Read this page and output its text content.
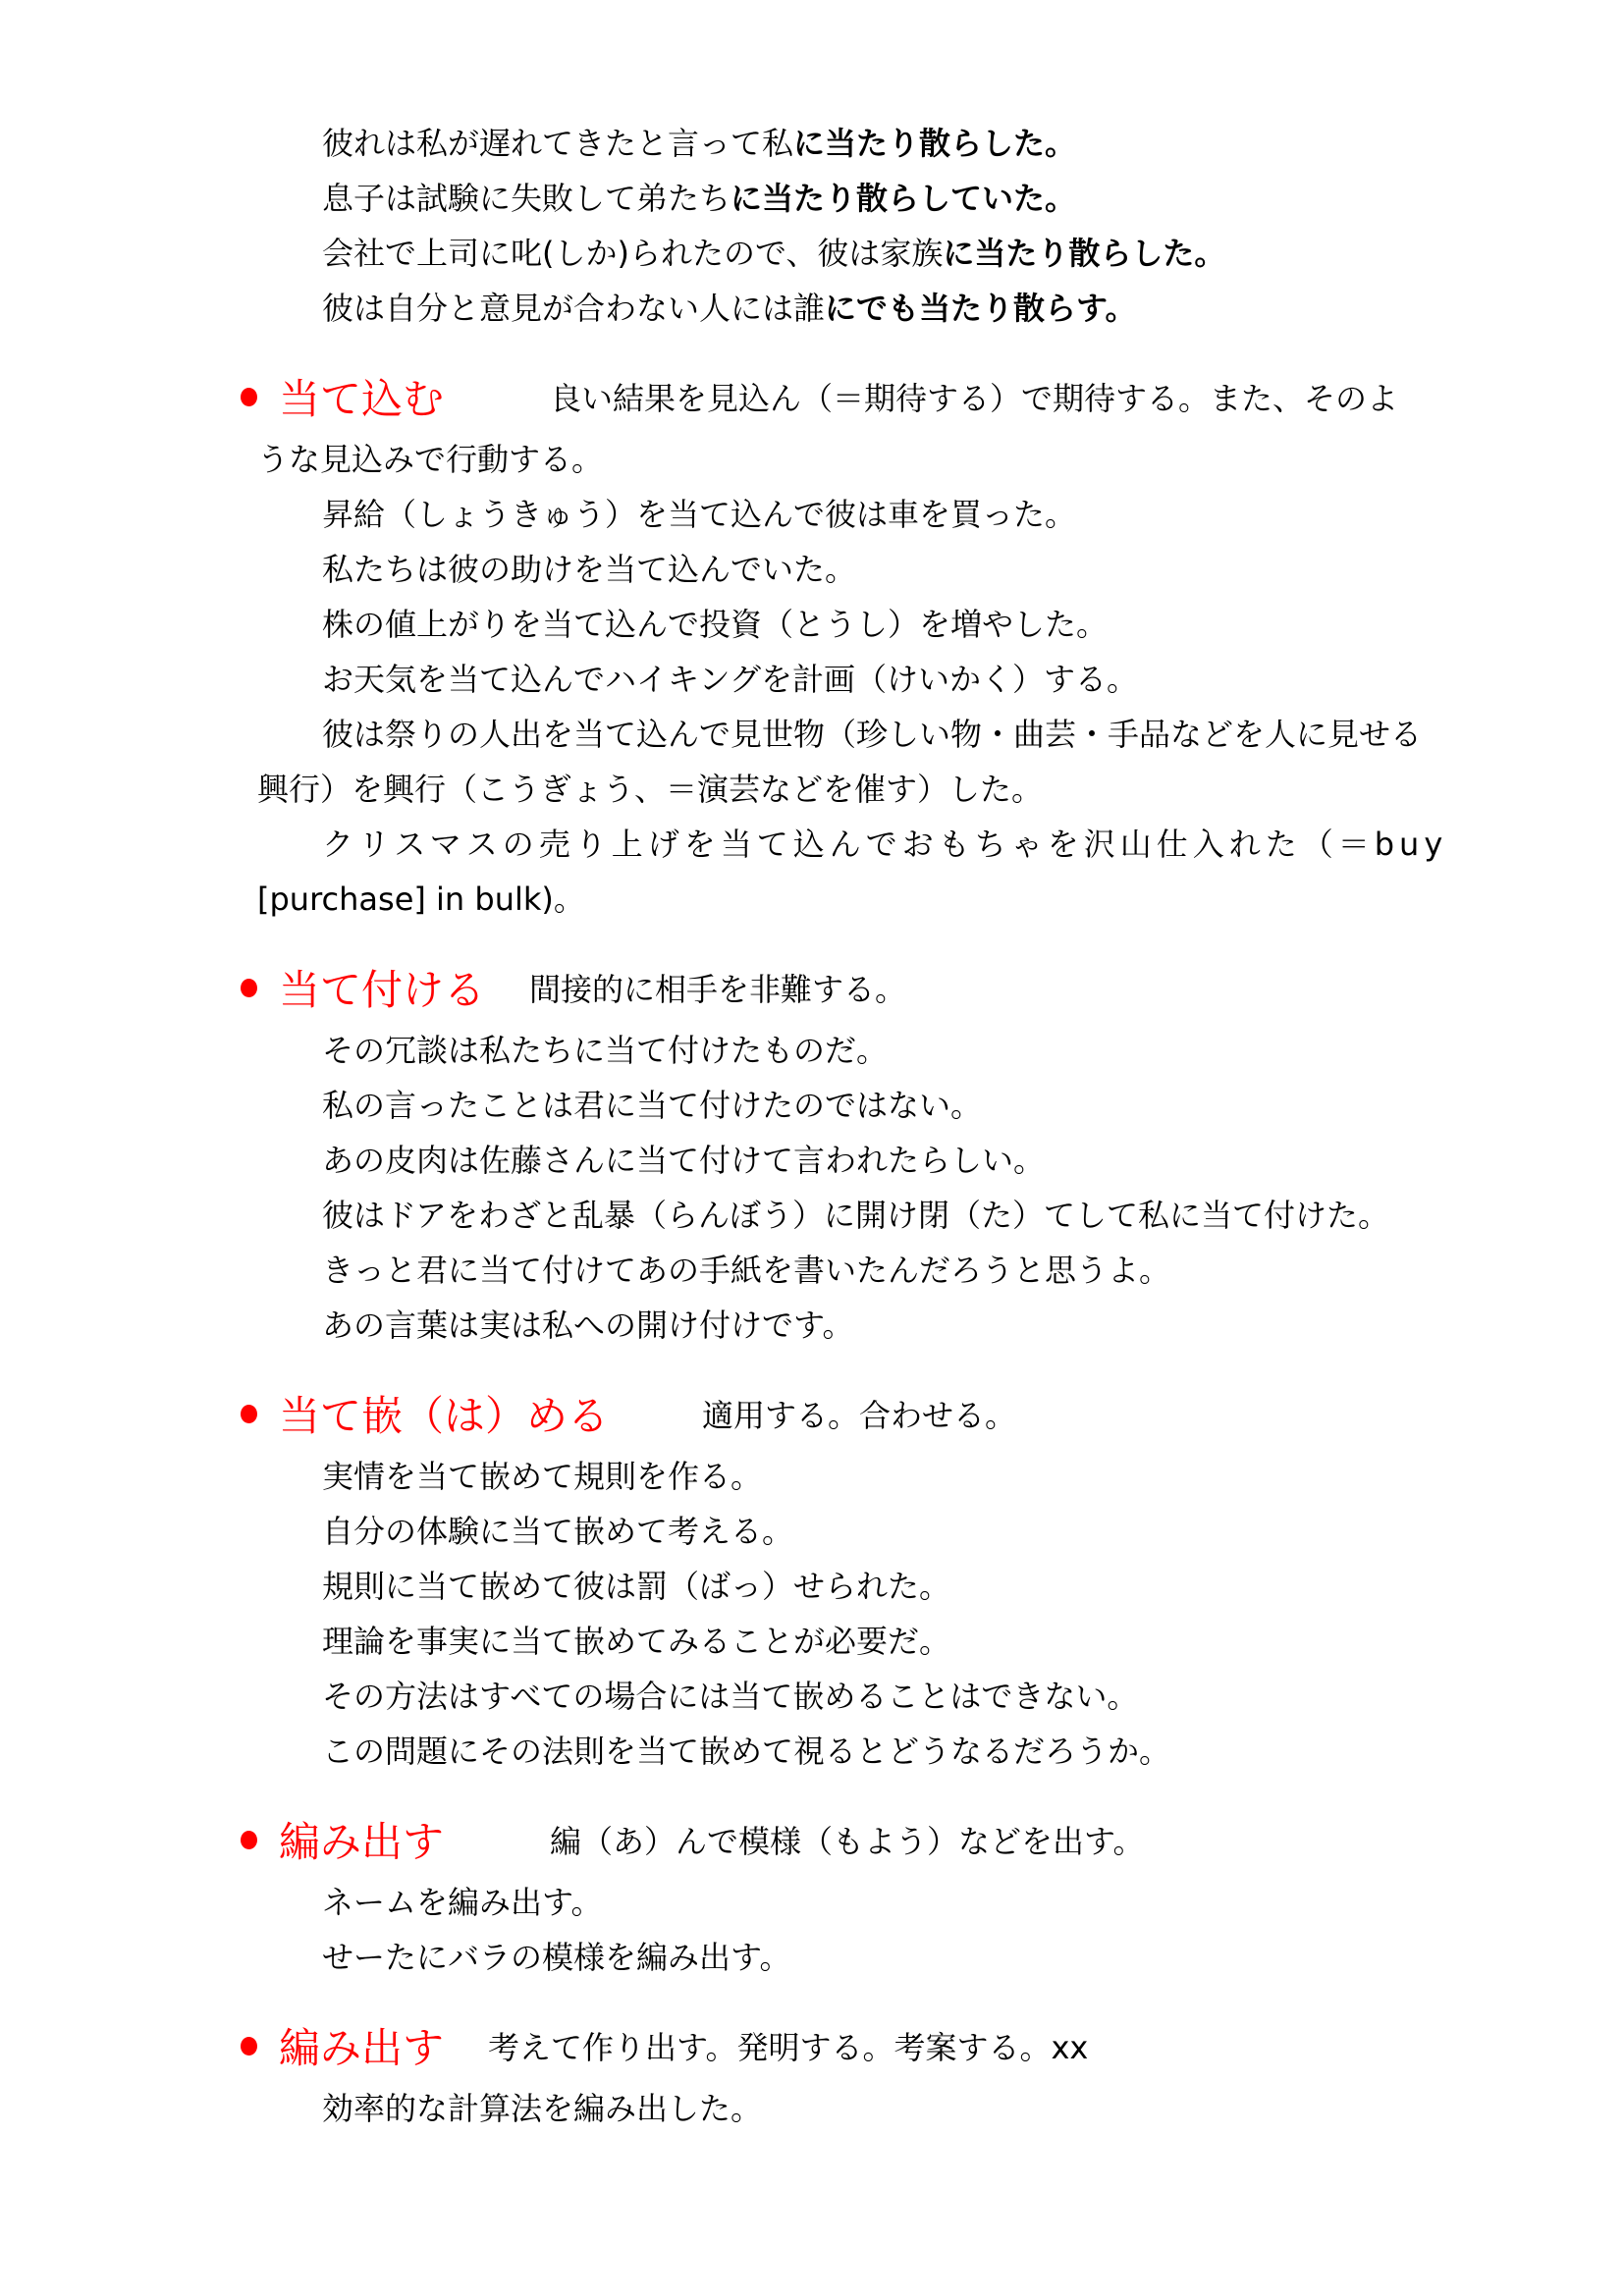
彼れは私が遅れてきたと言って私に当たり散らした。
息子は試験に失敗して弟たちに当たり散らしていた。
会社で上司に叱(しか)られたので、彼は家族に当たり散らした。
彼は自分と意見が合わない人には誰にでも当たり散らす。
当て込む	良い結果を見込ん（＝期待する）で期待する。また、そのよ
うな見込みで行動する。
昇給（しょうきゅう）を当て込んで彼は車を買った。
私たちは彼の助けを当て込んでいた。
株の値上がりを当て込んで投資（とうし）を増やした。
お天気を当て込んでハイキングを計画（けいかく）する。
彼は祭りの人出を当て込んで見世物（珍しい物・曲芸・手品などを人に見せる
興行）を興行（こうぎょう、＝演芸などを催す）した。
クリスマスの売り上げを当て込んでおもちゃを沢山仕入れた（＝buy
[purchase] in bulk)。
当て付ける 間接的に相手を非難する。
その冗談は私たちに当て付けたものだ。
私の言ったことは君に当て付けたのではない。
あの皮肉は佐藤さんに当て付けて言われたらしい。
彼はドアをわざと乱暴（らんぼう）に開け閉（た）てして私に当て付けた。
きっと君に当て付けてあの手紙を書いたんだろうと思うよ。
あの言葉は実は私への開け付けです。
当て嵌（は）める	適用する。合わせる。
実情を当て嵌めて規則を作る。
自分の体験に当て嵌めて考える。
規則に当て嵌めて彼は罰（ばっ）せられた。
理論を事実に当て嵌めてみることが必要だ。
その方法はすべての場合には当て嵌めることはできない。
この問題にその法則を当て嵌めて視るとどうなるだろうか。
編み出す	編（あ）んで模様（もよう）などを出す。
ネームを編み出す。
せーたにバラの模様を編み出す。
編み出す 考えて作り出す。発明する。考案する。xx
効率的な計算法を編み出した。
